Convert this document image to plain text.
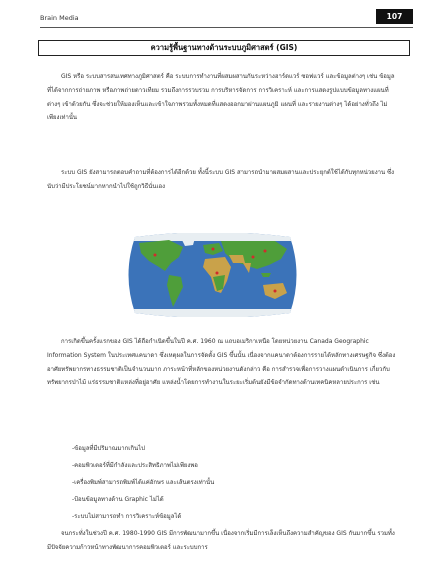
Brain Media	107
ความรู้พื้นฐานทางด้านระบบภูมิศาสตร์ (GIS)

GIS หรือ ระบบสารสนเทศทางภูมิศาสตร์ คือ ระบบการทำงานที่ผสมผสานกันระหว่างฮาร์ดแวร์ ซอฟแวร์ และข้อมูลต่างๆ เช่น ข้อมูลที่ได้จากการถ่ายภาพ หรือภาพถ่ายดาวเทียม รวมถึงการรวบรวม การบริหารจัดการ การวิเคราะห์ และการแสดงรูปแบบข้อมูลทางแผนที่ต่างๆ เข้าด้วยกัน ซึ่งจะช่วยให้มองเห็นและเข้าใจภาพรวมทั้งหมดที่แสดงออกมาผ่านแผนภูมิ แผนที่ และรายงานต่างๆ ได้อย่างทั่วถึง ไม่เพียงเท่านั้น

ระบบ GIS ยังสามารถตอบคำถามที่ต้องการได้อีกด้วย ทั้งนี้ระบบ GIS สามารถนำมาผสมผสานและประยุกต์ใช้ได้กับทุกหน่วยงาน ซึ่งนับว่ามีประโยชน์มากหากนำไปใช้ถูกวิธีนั่นเอง

การเกิดขึ้นครั้งแรกของ GIS ได้ถือกำเนิดขึ้นในปี ค.ศ. 1960 ณ แถบอเมริกาเหนือ โดยหน่วยงาน Canada Geographic Information System ในประเทศแคนาดา ซึ่งเหตุผลในการจัดตั้ง GIS ขึ้นนั้น เนื่องจากแคนาดาต้องการรายได้หลักทางเศรษฐกิจ ซึ่งต้องอาศัยทรัพยากรทางธรรมชาติเป็นจำนวนมาก ภาระหน้าที่หลักของหน่วยงานดังกล่าว คือ การสำรวจเพื่อการวางแผนดำเนินการ เกี่ยวกับทรัพยากรป่าไม้ แร่ธรรมชาติแหล่งที่อยู่อาศัย แหล่งน้ำโดยการทำงานในระยะเริ่มต้นยังมีข้อจำกัดทางด้านเทคนิคหลายประการ เช่น

-ข้อมูลที่มีปริมาณมากเกินไป
-คอมพิวเตอร์ที่มีกำลังและประสิทธิภาพไม่เพียงพอ
-เครื่องพิมพ์สามารถพิมพ์ได้แค่อักษร และเส้นตรงเท่านั้น
-ป้อนข้อมูลทางด้าน Graphic ไม่ได้
-ระบบไม่สามารถทำ การวิเคราะห์ข้อมูลได้

จนกระทั่งในช่วงปี ค.ศ. 1980-1990 GIS มีการพัฒนามากขึ้น เนื่องจากเริ่มมีการเล็งเห็นถึงความสำคัญของ GIS กันมากขึ้น รวมทั้งมีปัจจัยความก้าวหน้าทางพัฒนาการคอมพิวเตอร์ และระบบการ
